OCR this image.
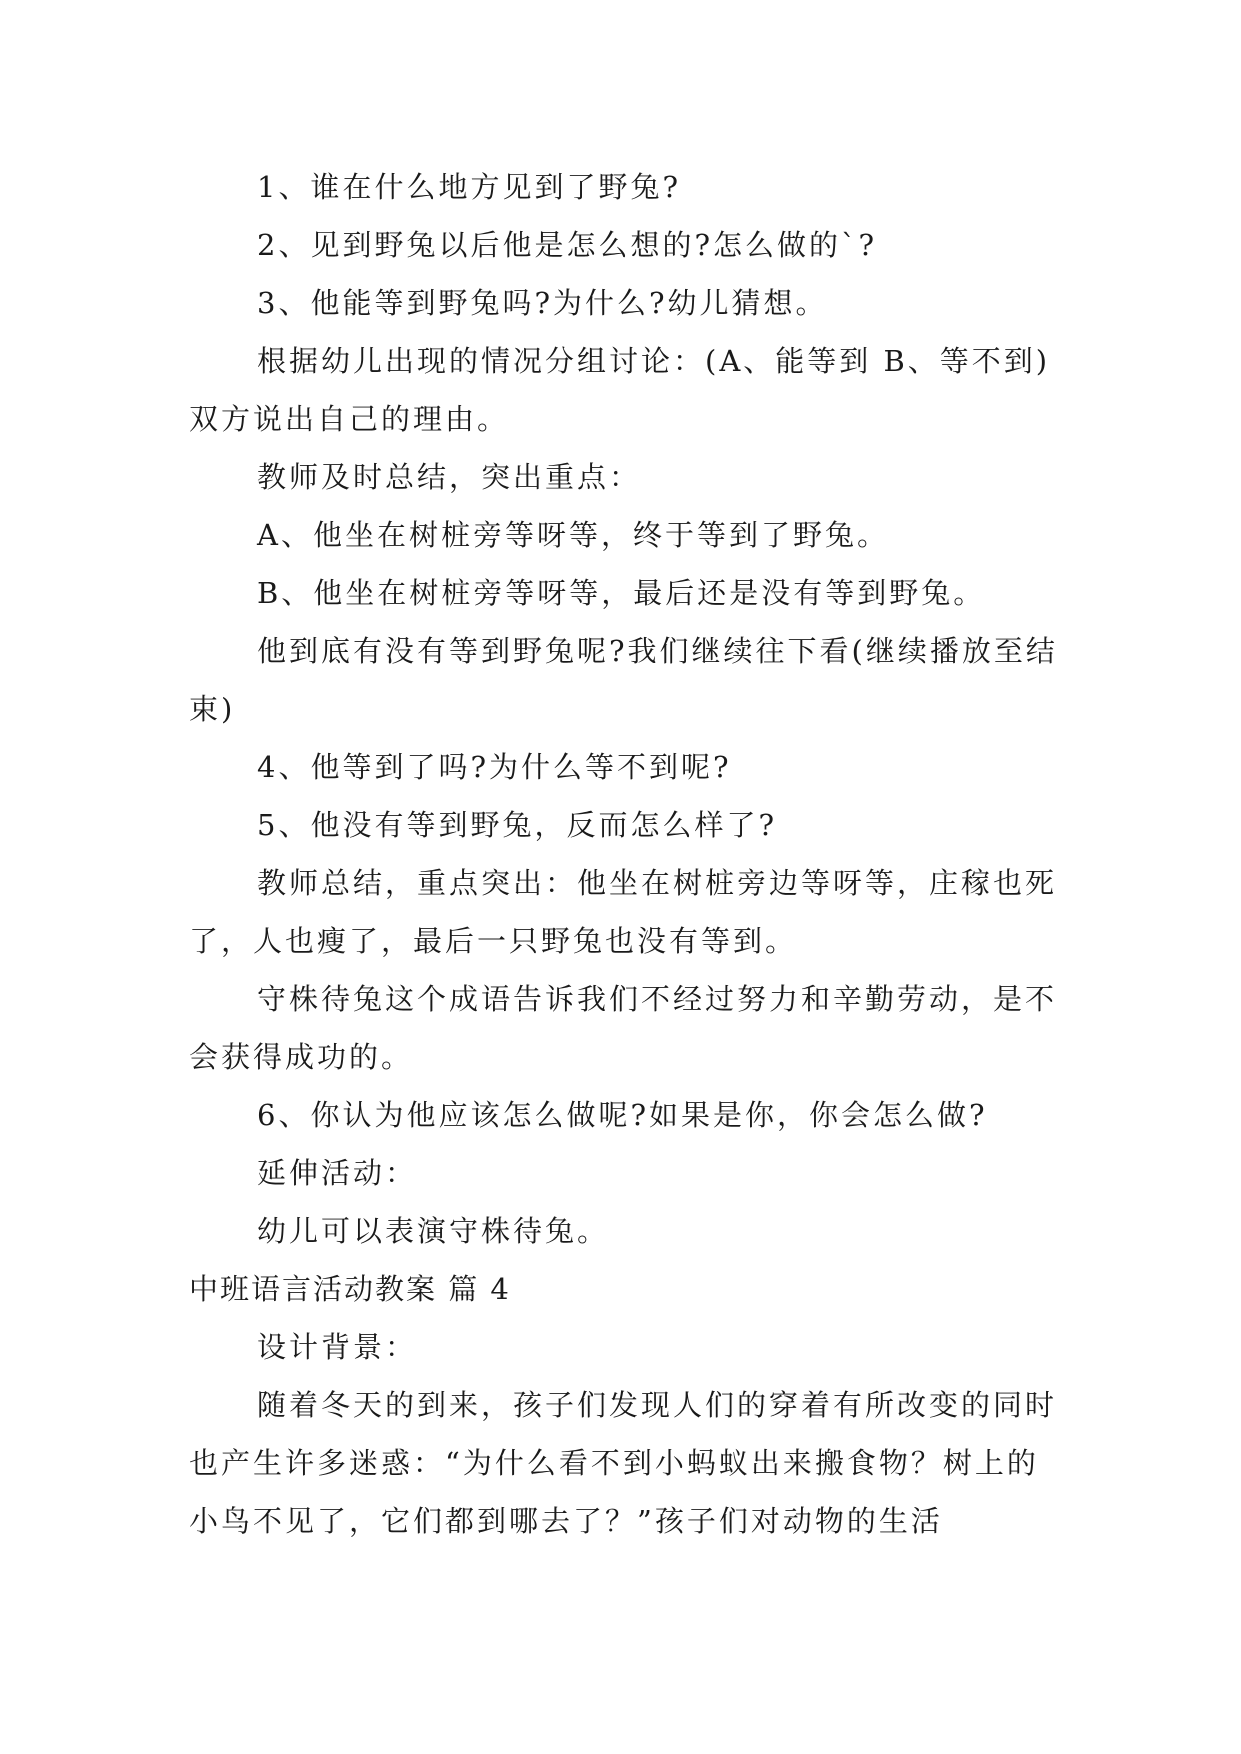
1、谁在什么地方见到了野兔?

2、见到野兔以后他是怎么想的?怎么做的`?

3、他能等到野兔吗?为什么?幼儿猜想。

根据幼儿出现的情况分组讨论：(A、能等到 B、等不到)双方说出自己的理由。

教师及时总结，突出重点：

A、他坐在树桩旁等呀等，终于等到了野兔。

B、他坐在树桩旁等呀等，最后还是没有等到野兔。

他到底有没有等到野兔呢?我们继续往下看(继续播放至结束)

4、他等到了吗?为什么等不到呢?

5、他没有等到野兔，反而怎么样了?

教师总结，重点突出：他坐在树桩旁边等呀等，庄稼也死了，人也瘦了，最后一只野兔也没有等到。

守株待兔这个成语告诉我们不经过努力和辛勤劳动，是不会获得成功的。

6、你认为他应该怎么做呢?如果是你，你会怎么做?

延伸活动：

幼儿可以表演守株待兔。

中班语言活动教案 篇 4

设计背景：

随着冬天的到来，孩子们发现人们的穿着有所改变的同时也产生许多迷惑：“为什么看不到小蚂蚁出来搬食物？树上的小鸟不见了，它们都到哪去了？”孩子们对动物的生活
